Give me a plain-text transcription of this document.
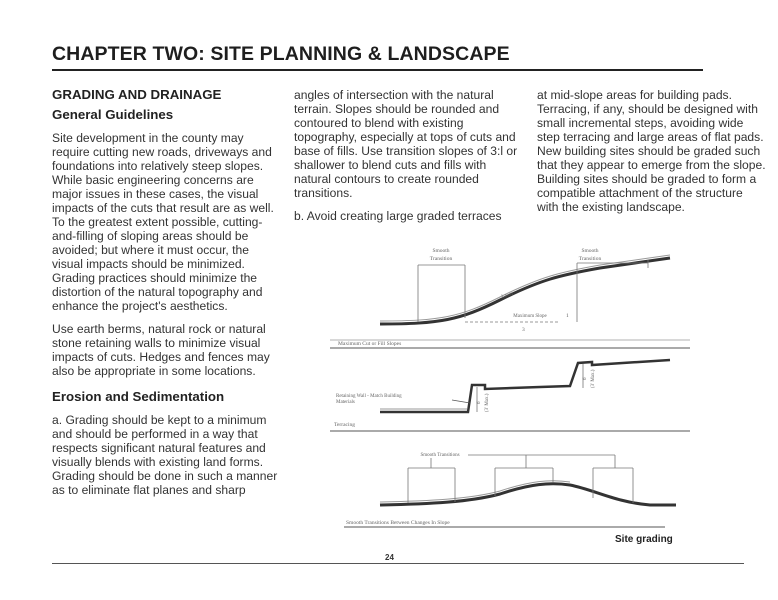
CHAPTER TWO: SITE PLANNING & LANDSCAPE
GRADING AND DRAINAGE
General Guidelines

Site development in the county may require cutting new roads, driveways and foundations into relatively steep slopes. While basic engineering concerns are major issues in these cases, the visual impacts of the cuts that result are as well. To the greatest extent possible, cutting-and-filling of sloping areas should be avoided; but where it must occur, the visual impacts should be minimized. Grading practices should minimize the distortion of the natural topography and enhance the project's aesthetics.

Use earth berms, natural rock or natural stone retaining walls to minimize visual impacts of cuts. Hedges and fences may also be appropriate in some locations.

Erosion and Sedimentation

a. Grading should be kept to a minimum and should be performed in a way that respects significant natural features and visually blends with existing land forms. Grading should be done in such a manner as to eliminate flat planes and sharp

angles of intersection with the natural terrain. Slopes should be rounded and contoured to blend with existing topography, especially at tops of cuts and base of fills. Use transition slopes of 3:l or shallower to blend cuts and fills with natural contours to create rounded transitions.

b. Avoid creating large graded terraces

at mid-slope areas for building pads. Terracing, if any, should be designed with small incremental steps, avoiding wide step terracing and large areas of flat pads. New building sites should be graded such that they appear to emerge from the slope. Building sites should be graded to form a compatible attachment of the structure with the existing landscape.

Smooth
Transition
Smooth
Transition
Lawn
Maximum Slope	1
3
Maximum Cut or Fill Slopes
Retaining Wall - Match Building
Materials	6' (3' Max.)
6' (3' Max.)
Terracing
Smooth Transitions
Smooth Transitions Between Changes In Slope
Site grading
24
